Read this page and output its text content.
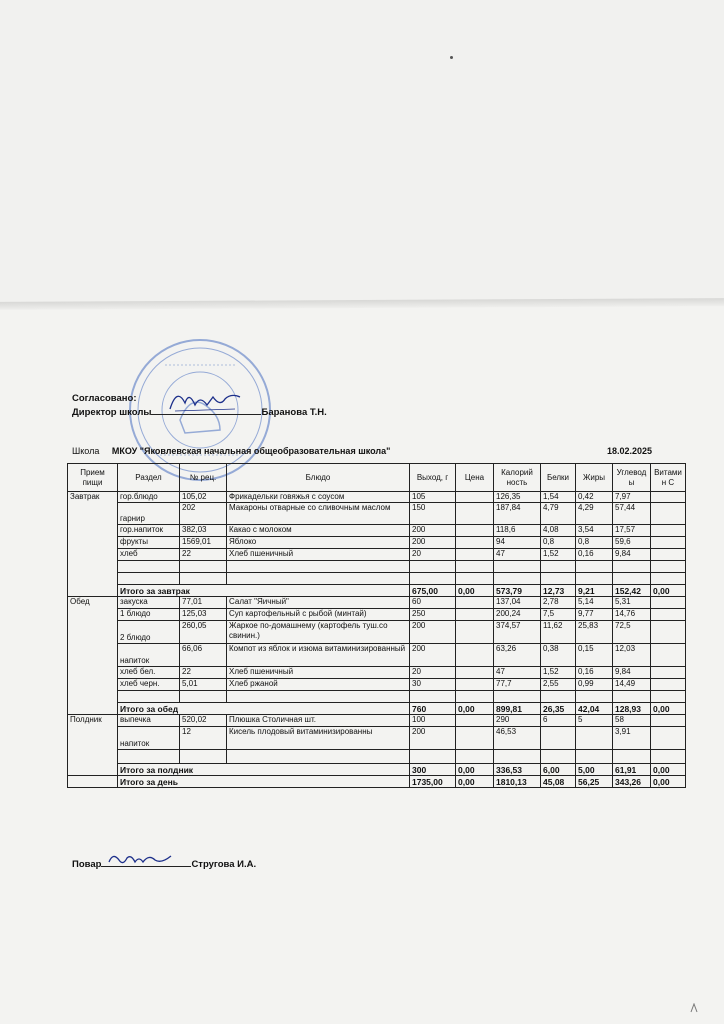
Согласовано:
Директор школы	Баранова Т.Н.
Школа МКОУ "Яковлевская начальная общеобразовательная школа"	18.02.2025
Прием пищи	Раздел	№ рец.	Блюдо	Выход, г	Цена	Калорий ность	Белки	Жиры	Углевод ы	Витами н С
Завтрак	гор.блюдо	105,02	Фрикадельки говяжья с соусом	105		126,35	1,54	0,42	7,97	
	гарнир	202	Макароны отварные со сливочным маслом	150		187,84	4,79	4,29	57,44	
	гор.напиток	382,03	Какао с молоком	200		118,6	4,08	3,54	17,57	
	фрукты	1569,01	Яблоко	200		94	0,8	0,8	59,6	
	хлеб	22	Хлеб пшеничный	20		47	1,52	0,16	9,84	

	Итого за завтрак			675,00	0,00	573,79	12,73	9,21	152,42	0,00
Обед	закуска	77,01	Салат "Яичный"	60		137,04	2,78	5,14	5,31	
	1 блюдо	125,03	Суп картофельный с рыбой (минтай)	250		200,24	7,5	9,77	14,76	
	2 блюдо	260,05	Жаркое по-домашнему (картофель туш.со свинин.)	200		374,57	11,62	25,83	72,5	
	напиток	66,06	Компот из яблок и изюма витаминизированный	200		63,26	0,38	0,15	12,03	
	хлеб бел.	22	Хлеб пшеничный	20		47	1,52	0,16	9,84	
	хлеб черн.	5,01	Хлеб ржаной	30		77,7	2,55	0,99	14,49	

	Итого за обед			760	0,00	899,81	26,35	42,04	128,93	0,00
Полдник	выпечка	520,02	Плюшка Столичная шт.	100		290	6	5	58	
	напиток	12	Кисель плодовый витаминизированны	200		46,53			3,91	

	Итого за полдник			300	0,00	336,53	6,00	5,00	61,91	0,00
	Итого за день			1735,00	0,00	1810,13	45,08	56,25	343,26	0,00
Повар	Стругова И.А.
